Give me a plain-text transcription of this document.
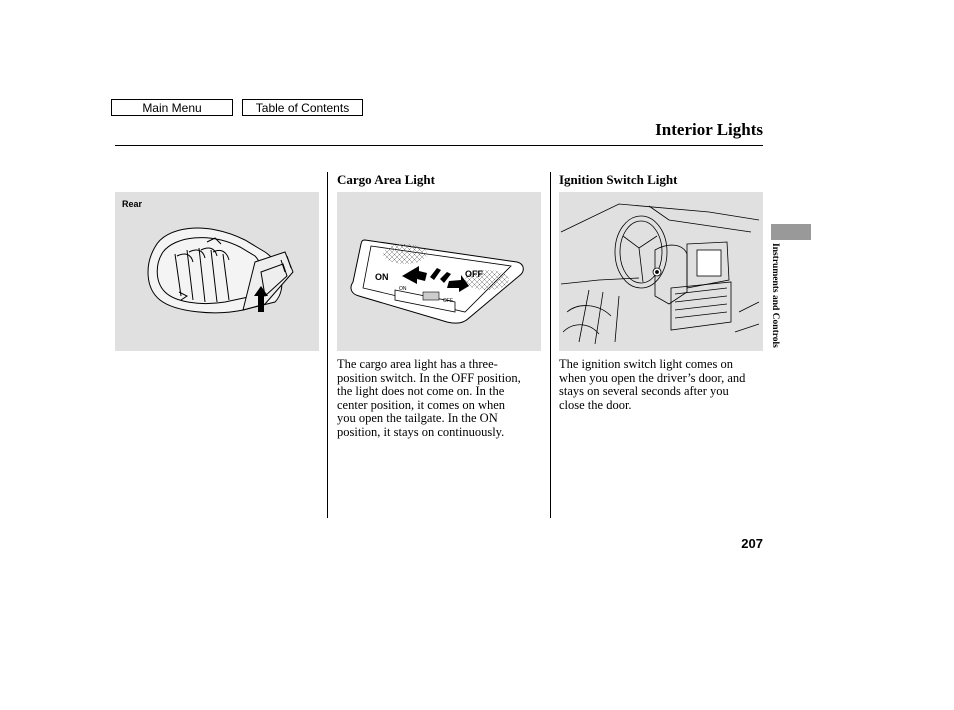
Main Menu	Table of Contents
Interior Lights
Rear
Cargo Area Light
ON	OFF
ON
OFF
The cargo area light has a three-
position switch. In the OFF position,
the light does not come on. In the
center position, it comes on when
you open the tailgate. In the ON
position, it stays on continuously.
Ignition Switch Light
The ignition switch light comes on
when you open the driver’s door, and
stays on several seconds after you
close the door.
Instruments and Controls
207
